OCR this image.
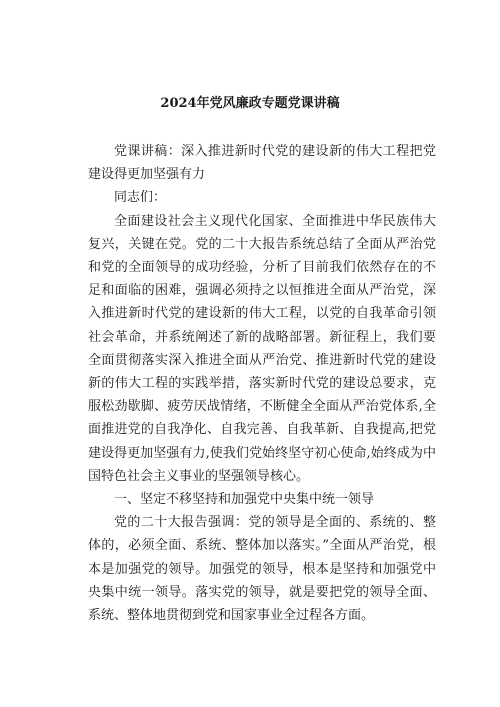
2024年党风廉政专题党课讲稿

党课讲稿：深入推进新时代党的建设新的伟大工程把党建设得更加坚强有力

同志们：

全面建设社会主义现代化国家、全面推进中华民族伟大复兴，关键在党。党的二十大报告系统总结了全面从严治党和党的全面领导的成功经验，分析了目前我们依然存在的不足和面临的困难，强调必须持之以恒推进全面从严治党，深入推进新时代党的建设新的伟大工程，以党的自我革命引领社会革命，并系统阐述了新的战略部署。新征程上，我们要全面贯彻落实深入推进全面从严治党、推进新时代党的建设新的伟大工程的实践举措，落实新时代党的建设总要求，克服松劲歇脚、疲劳厌战情绪，不断健全全面从严治党体系,全面推进党的自我净化、自我完善、自我革新、自我提高,把党建设得更加坚强有力,使我们党始终坚守初心使命,始终成为中国特色社会主义事业的坚强领导核心。

一、坚定不移坚持和加强党中央集中统一领导

党的二十大报告强调：党的领导是全面的、系统的、整体的，必须全面、系统、整体加以落实。”全面从严治党，根本是加强党的领导。加强党的领导，根本是坚持和加强党中央集中统一领导。落实党的领导，就是要把党的领导全面、系统、整体地贯彻到党和国家事业全过程各方面。
